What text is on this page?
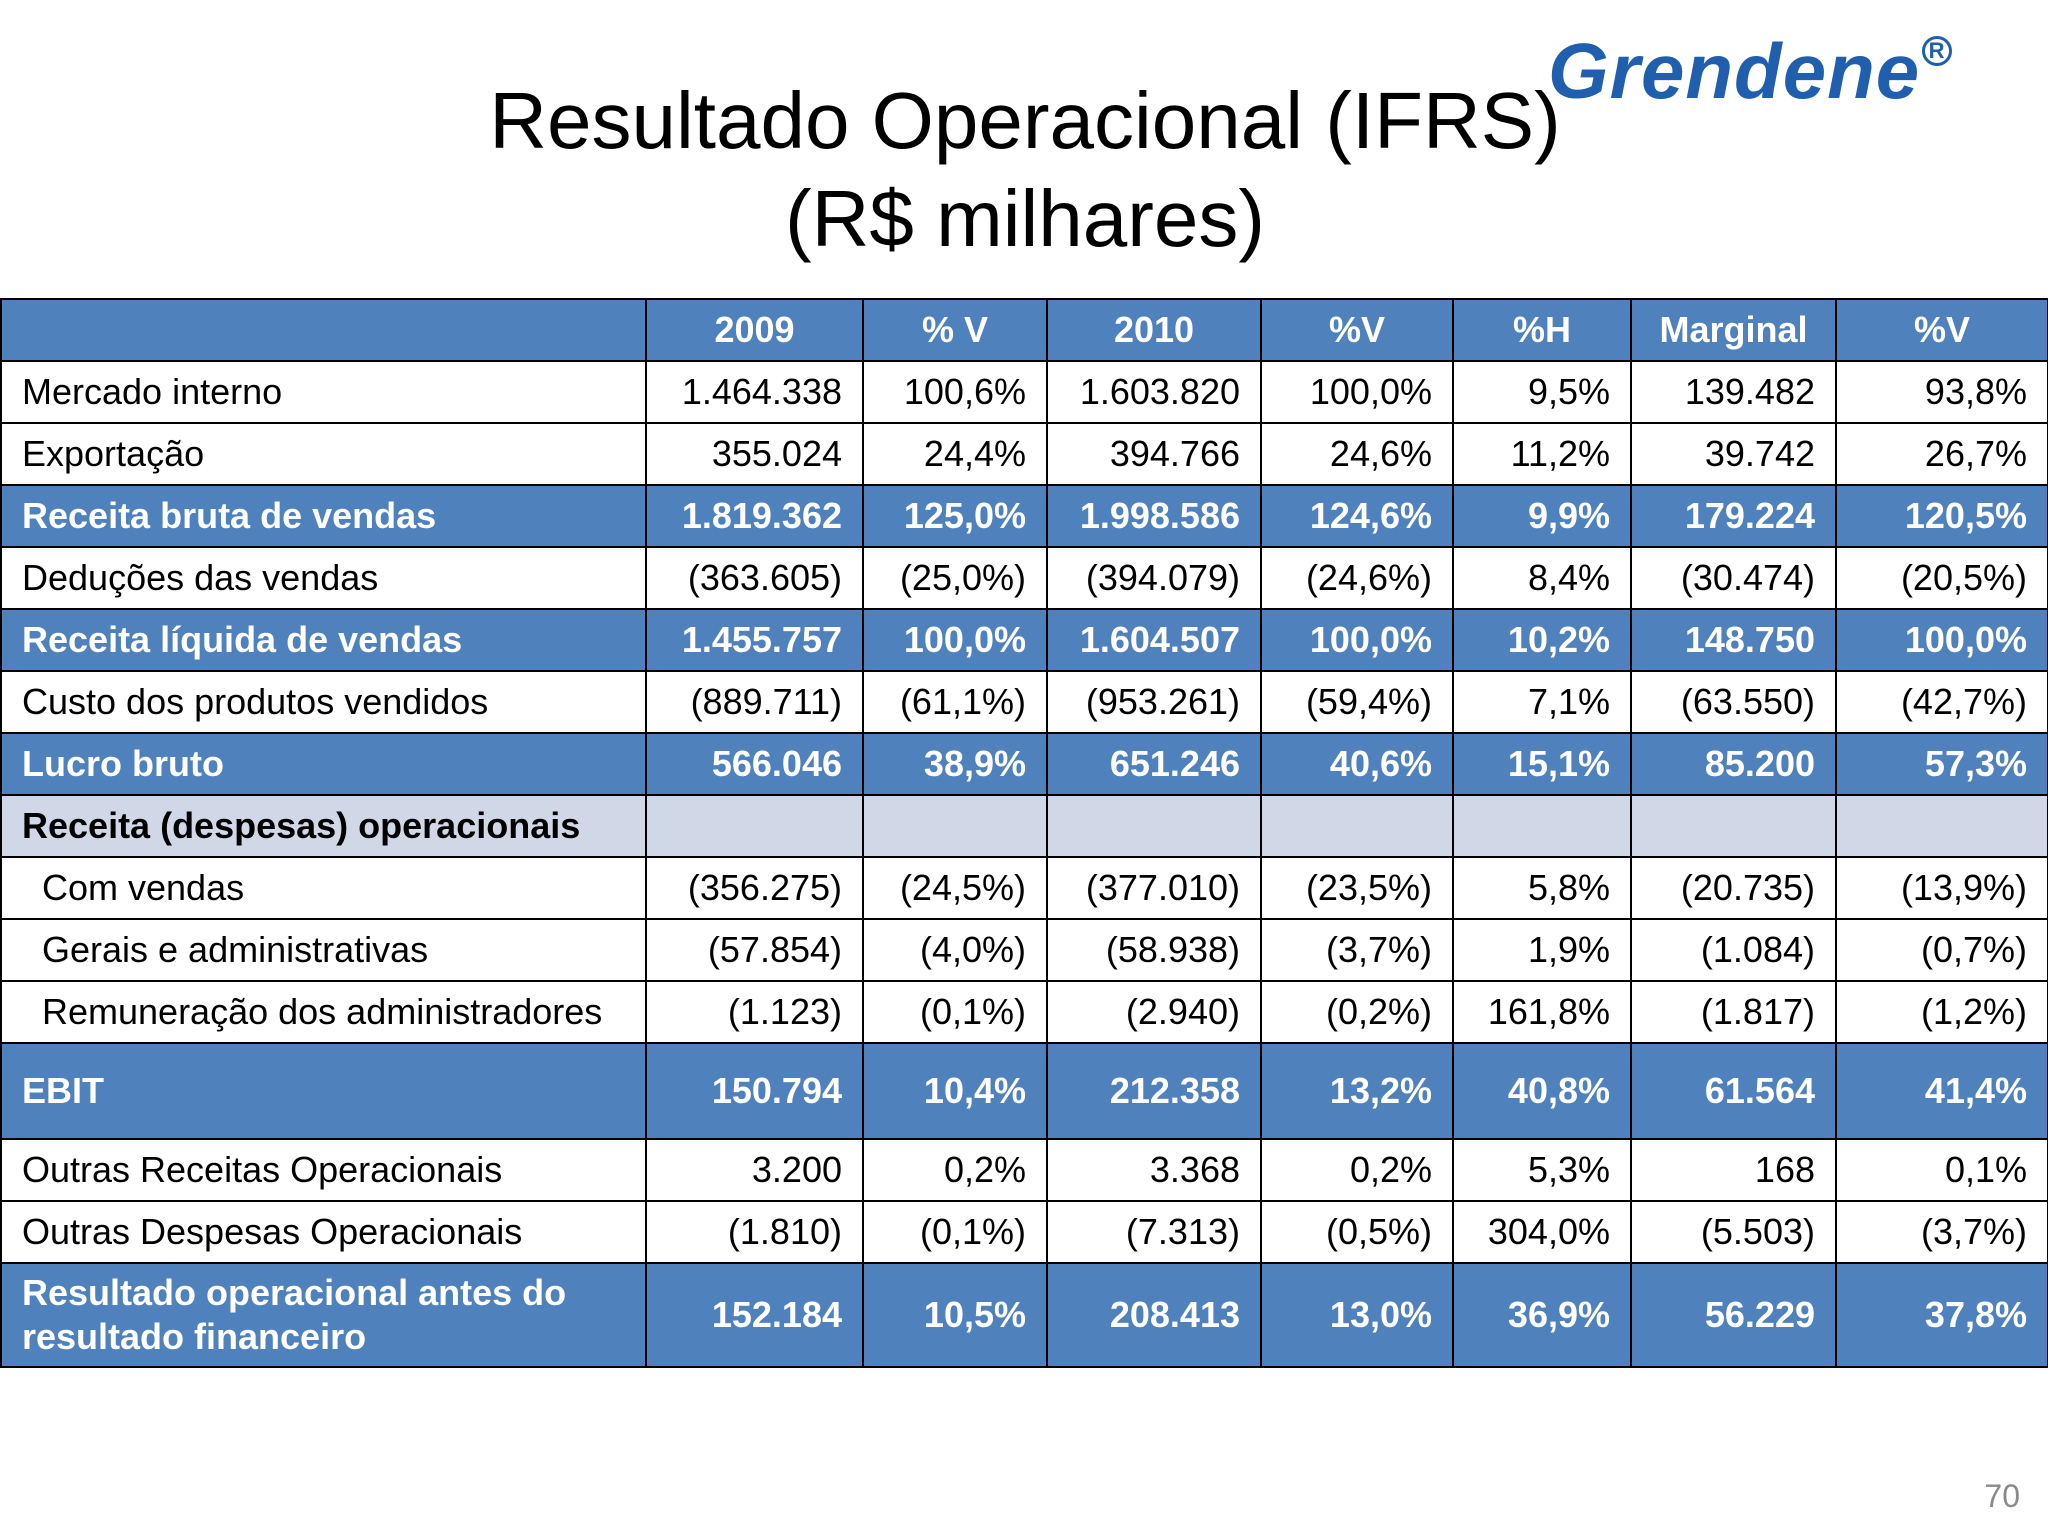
Resultado Operacional (IFRS)
(R$ milhares)
Grendene R
	2009	% V	2010	%V	%H	Marginal	%V
Mercado interno	1.464.338	100,6%	1.603.820	100,0%	9,5%	139.482	93,8%
Exportação	355.024	24,4%	394.766	24,6%	11,2%	39.742	26,7%
Receita bruta de vendas	1.819.362	125,0%	1.998.586	124,6%	9,9%	179.224	120,5%
Deduções das vendas	(363.605)	(25,0%)	(394.079)	(24,6%)	8,4%	(30.474)	(20,5%)
Receita líquida de vendas	1.455.757	100,0%	1.604.507	100,0%	10,2%	148.750	100,0%
Custo dos produtos vendidos	(889.711)	(61,1%)	(953.261)	(59,4%)	7,1%	(63.550)	(42,7%)
Lucro bruto	566.046	38,9%	651.246	40,6%	15,1%	85.200	57,3%
Receita (despesas) operacionais							
Com vendas	(356.275)	(24,5%)	(377.010)	(23,5%)	5,8%	(20.735)	(13,9%)
Gerais e administrativas	(57.854)	(4,0%)	(58.938)	(3,7%)	1,9%	(1.084)	(0,7%)
Remuneração dos administradores	(1.123)	(0,1%)	(2.940)	(0,2%)	161,8%	(1.817)	(1,2%)
EBIT	150.794	10,4%	212.358	13,2%	40,8%	61.564	41,4%
Outras Receitas Operacionais	3.200	0,2%	3.368	0,2%	5,3%	168	0,1%
Outras Despesas Operacionais	(1.810)	(0,1%)	(7.313)	(0,5%)	304,0%	(5.503)	(3,7%)
Resultado operacional antes do resultado financeiro	152.184	10,5%	208.413	13,0%	36,9%	56.229	37,8%
70
